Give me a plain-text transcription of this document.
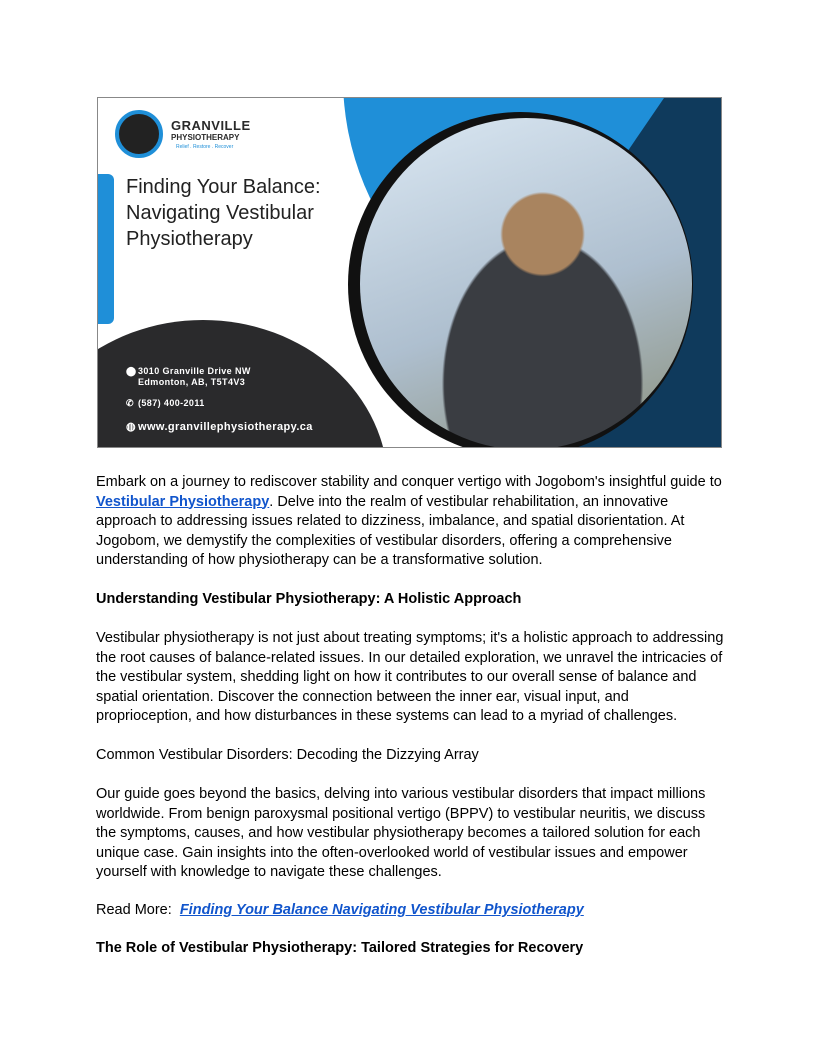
GRANVILLE
PHYSIOTHERAPY
Relief . Restore . Recover
Finding Your Balance: Navigating Vestibular Physiotherapy
⬤ 3010 Granville Drive NW
Edmonton, AB, T5T4V3
✆ (587) 400-2011
◍ www.granvillephysiotherapy.ca

Embark on a journey to rediscover stability and conquer vertigo with Jogobom's insightful guide to Vestibular Physiotherapy. Delve into the realm of vestibular rehabilitation, an innovative approach to addressing issues related to dizziness, imbalance, and spatial disorientation. At Jogobom, we demystify the complexities of vestibular disorders, offering a comprehensive understanding of how physiotherapy can be a transformative solution.

Understanding Vestibular Physiotherapy: A Holistic Approach

Vestibular physiotherapy is not just about treating symptoms; it's a holistic approach to addressing the root causes of balance-related issues. In our detailed exploration, we unravel the intricacies of the vestibular system, shedding light on how it contributes to our overall sense of balance and spatial orientation. Discover the connection between the inner ear, visual input, and proprioception, and how disturbances in these systems can lead to a myriad of challenges.

Common Vestibular Disorders: Decoding the Dizzying Array

Our guide goes beyond the basics, delving into various vestibular disorders that impact millions worldwide. From benign paroxysmal positional vertigo (BPPV) to vestibular neuritis, we discuss the symptoms, causes, and how vestibular physiotherapy becomes a tailored solution for each unique case. Gain insights into the often-overlooked world of vestibular issues and empower yourself with knowledge to navigate these challenges.

Read More:  Finding Your Balance Navigating Vestibular Physiotherapy

The Role of Vestibular Physiotherapy: Tailored Strategies for Recovery
